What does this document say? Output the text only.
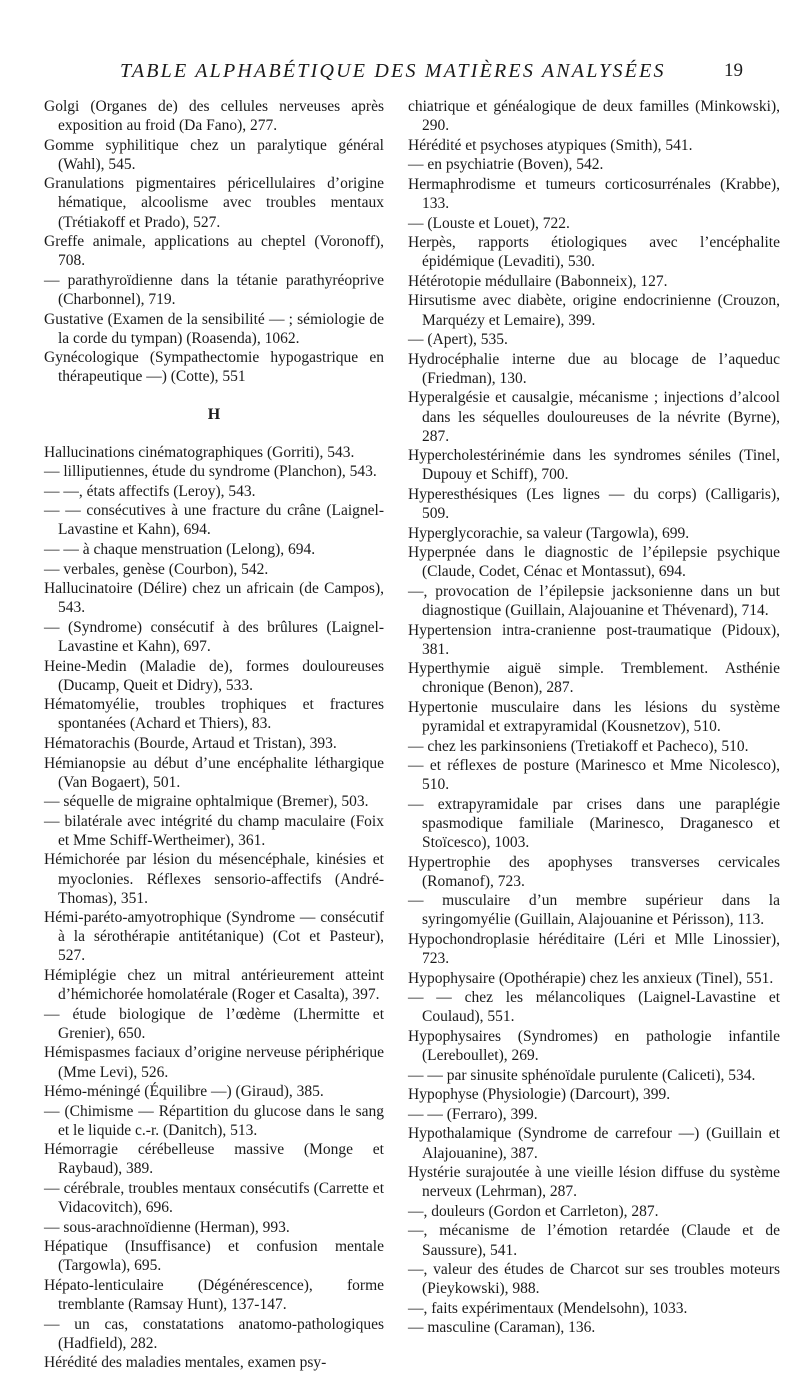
TABLE ALPHABÉTIQUE DES MATIÈRES ANALYSÉES	19
Golgi (Organes de) des cellules nerveuses après exposition au froid (Da Fano), 277.
Gomme syphilitique chez un paralytique général (Wahl), 545.
Granulations pigmentaires péricellulaires d’origine hématique, alcoolisme avec troubles mentaux (Trétiakoff et Prado), 527.
Greffe animale, applications au cheptel (Voronoff), 708.
— parathyroïdienne dans la tétanie parathyréoprive (Charbonnel), 719.
Gustative (Examen de la sensibilité — ; sémiologie de la corde du tympan) (Roasenda), 1062.
Gynécologique (Sympathectomie hypogastrique en thérapeutique —) (Cotte), 551
H
Hallucinations cinématographiques (Gorriti), 543.
— lilliputiennes, étude du syndrome (Planchon), 543.
— —, états affectifs (Leroy), 543.
— — consécutives à une fracture du crâne (Laignel-Lavastine et Kahn), 694.
— — à chaque menstruation (Lelong), 694.
— verbales, genèse (Courbon), 542.
Hallucinatoire (Délire) chez un africain (de Campos), 543.
— (Syndrome) consécutif à des brûlures (Laignel-Lavastine et Kahn), 697.
Heine-Medin (Maladie de), formes douloureuses (Ducamp, Queit et Didry), 533.
Hématomyélie, troubles trophiques et fractures spontanées (Achard et Thiers), 83.
Hématorachis (Bourde, Artaud et Tristan), 393.
Hémianopsie au début d’une encéphalite léthargique (Van Bogaert), 501.
— séquelle de migraine ophtalmique (Bremer), 503.
— bilatérale avec intégrité du champ maculaire (Foix et Mme Schiff-Wertheimer), 361.
Hémichorée par lésion du mésencéphale, kinésies et myoclonies. Réflexes sensorio-affectifs (André-Thomas), 351.
Hémi-paréto-amyotrophique (Syndrome — consécutif à la sérothérapie antitétanique) (Cot et Pasteur), 527.
Hémiplégie chez un mitral antérieurement atteint d’hémichorée homolatérale (Roger et Casalta), 397.
— étude biologique de l’œdème (Lhermitte et Grenier), 650.
Hémispasmes faciaux d’origine nerveuse périphérique (Mme Levi), 526.
Hémo-méningé (Équilibre —) (Giraud), 385.
— (Chimisme — Répartition du glucose dans le sang et le liquide c.-r. (Danitch), 513.
Hémorragie cérébelleuse massive (Monge et Raybaud), 389.
— cérébrale, troubles mentaux consécutifs (Carrette et Vidacovitch), 696.
— sous-arachnoïdienne (Herman), 993.
Hépatique (Insuffisance) et confusion mentale (Targowla), 695.
Hépato-lenticulaire (Dégénérescence), forme tremblante (Ramsay Hunt), 137-147.
— un cas, constatations anatomo-pathologiques (Hadfield), 282.
Hérédité des maladies mentales, examen psy-
chiatrique et généalogique de deux familles (Minkowski), 290.
Hérédité et psychoses atypiques (Smith), 541.
— en psychiatrie (Boven), 542.
Hermaphrodisme et tumeurs corticosurrénales (Krabbe), 133.
— (Louste et Louet), 722.
Herpès, rapports étiologiques avec l’encéphalite épidémique (Levaditi), 530.
Hétérotopie médullaire (Babonneix), 127.
Hirsutisme avec diabète, origine endocrinienne (Crouzon, Marquézy et Lemaire), 399.
— (Apert), 535.
Hydrocéphalie interne due au blocage de l’aqueduc (Friedman), 130.
Hyperalgésie et causalgie, mécanisme ; injections d’alcool dans les séquelles douloureuses de la névrite (Byrne), 287.
Hypercholestérinémie dans les syndromes séniles (Tinel, Dupouy et Schiff), 700.
Hyperesthésiques (Les lignes — du corps) (Calligaris), 509.
Hyperglycorachie, sa valeur (Targowla), 699.
Hyperpnée dans le diagnostic de l’épilepsie psychique (Claude, Codet, Cénac et Montassut), 694.
—, provocation de l’épilepsie jacksonienne dans un but diagnostique (Guillain, Alajouanine et Thévenard), 714.
Hypertension intra-cranienne post-traumatique (Pidoux), 381.
Hyperthymie aiguë simple. Tremblement. Asthénie chronique (Benon), 287.
Hypertonie musculaire dans les lésions du système pyramidal et extrapyramidal (Kousnetzov), 510.
— chez les parkinsoniens (Tretiakoff et Pacheco), 510.
— et réflexes de posture (Marinesco et Mme Nicolesco), 510.
— extrapyramidale par crises dans une paraplégie spasmodique familiale (Marinesco, Draganesco et Stoïcesco), 1003.
Hypertrophie des apophyses transverses cervicales (Romanof), 723.
— musculaire d’un membre supérieur dans la syringomyélie (Guillain, Alajouanine et Périsson), 113.
Hypochondroplasie héréditaire (Léri et Mlle Linossier), 723.
Hypophysaire (Opothérapie) chez les anxieux (Tinel), 551.
— — chez les mélancoliques (Laignel-Lavastine et Coulaud), 551.
Hypophysaires (Syndromes) en pathologie infantile (Lereboullet), 269.
— — par sinusite sphénoïdale purulente (Caliceti), 534.
Hypophyse (Physiologie) (Darcourt), 399.
— — (Ferraro), 399.
Hypothalamique (Syndrome de carrefour —) (Guillain et Alajouanine), 387.
Hystérie surajoutée à une vieille lésion diffuse du système nerveux (Lehrman), 287.
—, douleurs (Gordon et Carrleton), 287.
—, mécanisme de l’émotion retardée (Claude et de Saussure), 541.
—, valeur des études de Charcot sur ses troubles moteurs (Pieykowski), 988.
—, faits expérimentaux (Mendelsohn), 1033.
— masculine (Caraman), 136.
